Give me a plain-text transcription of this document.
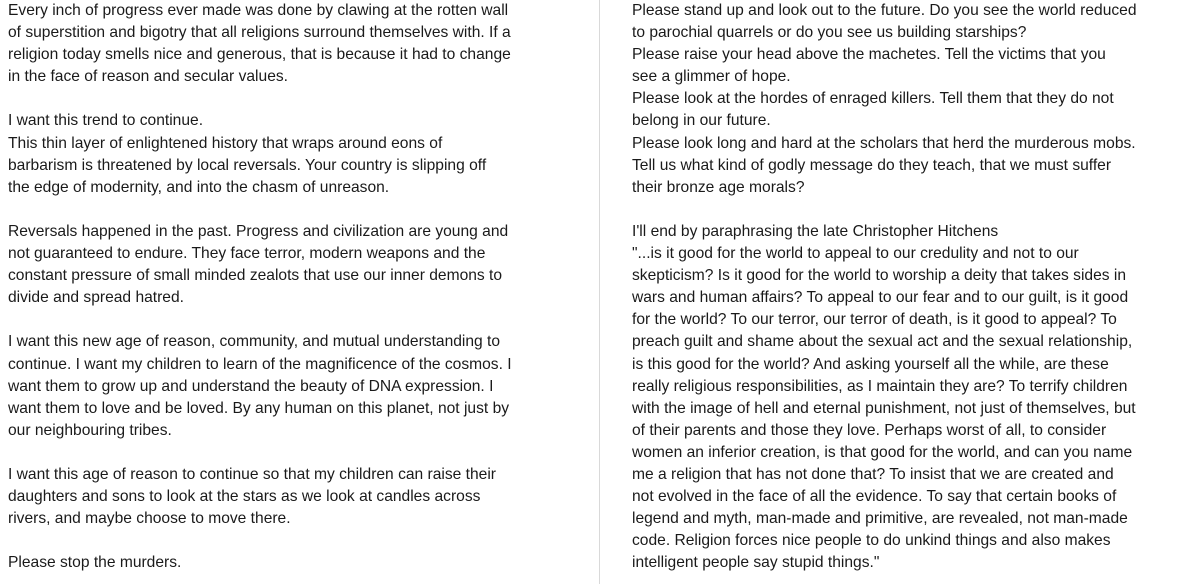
Every inch of progress ever made was done by clawing at the rotten wall
of superstition and bigotry that all religions surround themselves with. If a
religion today smells nice and generous, that is because it had to change
in the face of reason and secular values.
I want this trend to continue.
This thin layer of enlightened history that wraps around eons of
barbarism is threatened by local reversals. Your country is slipping off
the edge of modernity, and into the chasm of unreason.
Reversals happened in the past. Progress and civilization are young and
not guaranteed to endure. They face terror, modern weapons and the
constant pressure of small minded zealots that use our inner demons to
divide and spread hatred.
I want this new age of reason, community, and mutual understanding to
continue. I want my children to learn of the magnificence of the cosmos. I
want them to grow up and understand the beauty of DNA expression. I
want them to love and be loved. By any human on this planet, not just by
our neighbouring tribes.
I want this age of reason to continue so that my children can raise their
daughters and sons to look at the stars as we look at candles across
rivers, and maybe choose to move there.
Please stop the murders.
Please stand up and look out to the future. Do you see the world reduced
to parochial quarrels or do you see us building starships?
Please raise your head above the machetes. Tell the victims that you
see a glimmer of hope.
Please look at the hordes of enraged killers. Tell them that they do not
belong in our future.
Please look long and hard at the scholars that herd the murderous mobs.
Tell us what kind of godly message do they teach, that we must suffer
their bronze age morals?
I'll end by paraphrasing the late Christopher Hitchens
"...is it good for the world to appeal to our credulity and not to our
skepticism? Is it good for the world to worship a deity that takes sides in
wars and human affairs? To appeal to our fear and to our guilt, is it good
for the world? To our terror, our terror of death, is it good to appeal? To
preach guilt and shame about the sexual act and the sexual relationship,
is this good for the world? And asking yourself all the while, are these
really religious responsibilities, as I maintain they are? To terrify children
with the image of hell and eternal punishment, not just of themselves, but
of their parents and those they love. Perhaps worst of all, to consider
women an inferior creation, is that good for the world, and can you name
me a religion that has not done that? To insist that we are created and
not evolved in the face of all the evidence. To say that certain books of
legend and myth, man-made and primitive, are revealed, not man-made
code. Religion forces nice people to do unkind things and also makes
intelligent people say stupid things."
